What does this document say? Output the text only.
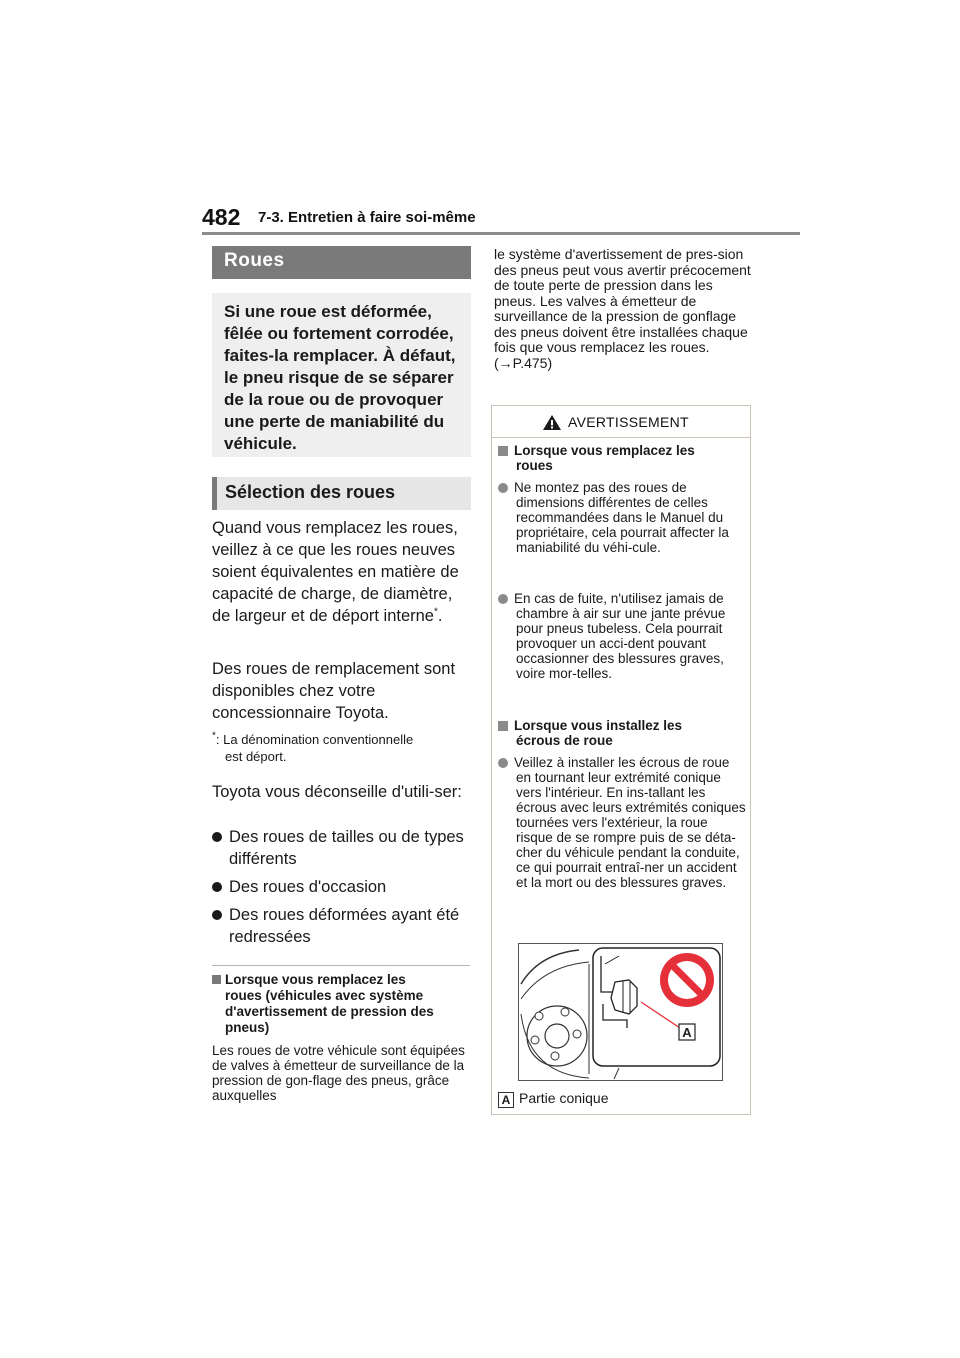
482 7-3. Entretien à faire soi-même
Roues

Si une roue est déformée, fêlée ou fortement corrodée, faites-la remplacer. À défaut, le pneu risque de se séparer de la roue ou de provoquer une perte de maniabilité du véhicule.

Sélection des roues
Quand vous remplacez les roues, veillez à ce que les roues neuves soient équivalentes en matière de capacité de charge, de diamètre, de largeur et de déport interne*.
Des roues de remplacement sont disponibles chez votre concessionnaire Toyota.
*: La dénomination conventionnelle
est déport.
Toyota vous déconseille d'utili-ser:
Des roues de tailles ou de types différents
Des roues d'occasion
Des roues déformées ayant été redressées
Lorsque vous remplacez les
roues (véhicules avec système d'avertissement de pression des pneus)
Les roues de votre véhicule sont équipées de valves à émetteur de surveillance de la pression de gon-flage des pneus, grâce auxquelles
le système d'avertissement de pres-sion des pneus peut vous avertir précocement de toute perte de pression dans les pneus. Les valves à émetteur de surveillance de la pression de gonflage des pneus doivent être installées chaque fois que vous remplacez les roues.
(→P.475)
AVERTISSEMENT
Lorsque vous remplacez les
roues
Ne montez pas des roues de dimensions différentes de celles recommandées dans le Manuel du propriétaire, cela pourrait affecter la maniabilité du véhi-cule.
En cas de fuite, n'utilisez jamais de chambre à air sur une jante prévue pour pneus tubeless. Cela pourrait provoquer un acci-dent pouvant occasionner des blessures graves, voire mor-telles.
Lorsque vous installez les
écrous de roue
Veillez à installer les écrous de roue en tournant leur extrémité conique vers l'intérieur. En ins-tallant les écrous avec leurs extrémités coniques tournées vers l'extérieur, la roue risque de se rompre puis de se déta-cher du véhicule pendant la conduite, ce qui pourrait entraî-ner un accident et la mort ou des blessures graves.
A
A Partie conique
